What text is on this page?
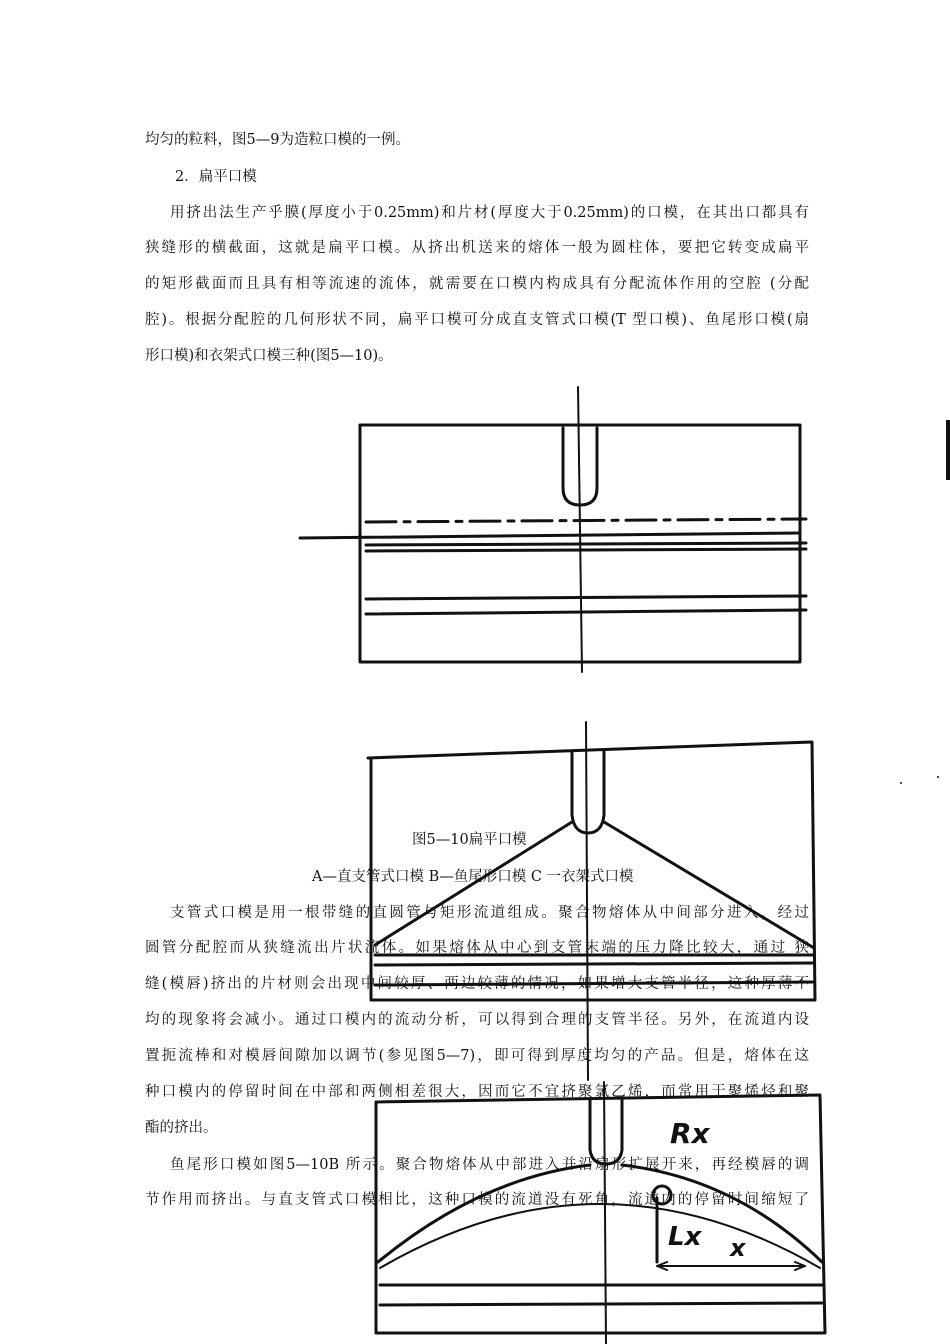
均匀的粒料，图5—9为造粒口模的一例。
2．扁平口模
用挤出法生产乎膜(厚度小于0.25mm)和片材(厚度大于0.25mm)的口模，在其出口都具有
狭缝形的横截面，这就是扁平口模。从挤出机送来的熔体一般为圆柱体，要把它转变成扁平
的矩形截面而且具有相等流速的流体，就需要在口模内构成具有分配流体作用的空腔 (分配
腔)。根据分配腔的几何形状不同，扁平口模可分成直支管式口模(T 型口模)、鱼尾形口模(扇
形口模)和衣架式口模三种(图5—10)。
支管式口模是用一根带缝的直圆管与矩形流道组成。聚合物熔体从中间部分进入，经过
圆管分配腔而从狭缝流出片状流体。如果熔体从中心到支管末端的压力降比较大，通过 狭
缝(模唇)挤出的片材则会出现中间较厚、两边较薄的情况，如果增大支管半径，这种厚薄不
均的现象将会减小。通过口模内的流动分析，可以得到合理的支管半径。另外，在流道内设
置扼流棒和对模唇间隙加以调节(参见图5—7)，即可得到厚度均匀的产品。但是，熔体在这
种口模内的停留时间在中部和两侧相差很大，因而它不宜挤聚氯乙烯，而常用于聚烯烃和聚
酯的挤出。
鱼尾形口模如图5—10B 所示。聚合物熔体从中部进入并沿扇形扩展开来，再经模唇的调
节作用而挤出。与直支管式口模相比，这种口模的流道没有死角，流道内的停留时间缩短了
图5—10扁平口模
A—直支管式口模 B—鱼尾形口模 C 一衣架式口模
Rx
Lx x
